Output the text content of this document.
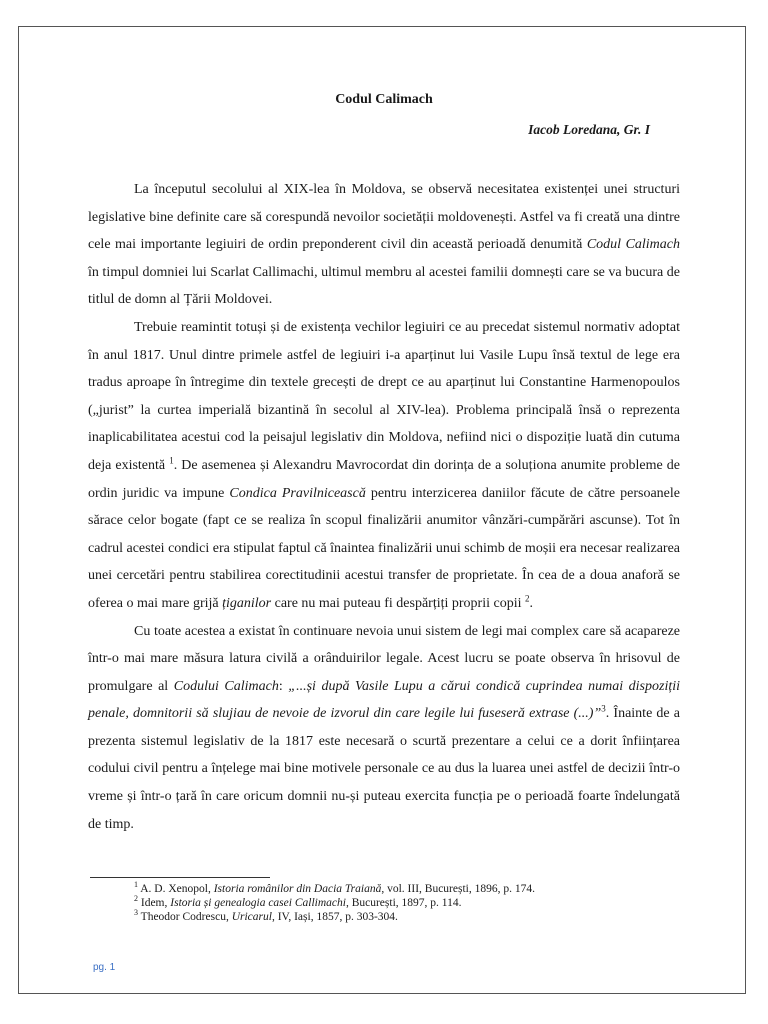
Codul Calimach
Iacob Loredana, Gr. I

La începutul secolului al XIX-lea în Moldova, se observă necesitatea existenței unei structuri legislative bine definite care să corespundă nevoilor societății moldovenești. Astfel va fi creată una dintre cele mai importante legiuiri de ordin preponderent civil din această perioadă denumită Codul Calimach în timpul domniei lui Scarlat Callimachi, ultimul membru al acestei familii domnești care se va bucura de titlul de domn al Țării Moldovei.

Trebuie reamintit totuși și de existența vechilor legiuiri ce au precedat sistemul normativ adoptat în anul 1817. Unul dintre primele astfel de legiuiri i-a aparținut lui Vasile Lupu însă textul de lege era tradus aproape în întregime din textele grecești de drept ce au aparținut lui Constantine Harmenopoulos („jurist” la curtea imperială bizantină în secolul al XIV-lea). Problema principală însă o reprezenta inaplicabilitatea acestui cod la peisajul legislativ din Moldova, nefiind nici o dispoziție luată din cutuma deja existentă $^1$. De asemenea și Alexandru Mavrocordat din dorința de a soluționa anumite probleme de ordin juridic va impune Condica Pravilnicească pentru interzicerea daniilor făcute de către persoanele sărace celor bogate (fapt ce se realiza în scopul finalizării anumitor vânzări-cumpărări ascunse). Tot în cadrul acestei condici era stipulat faptul că înaintea finalizării unui schimb de moșii era necesar realizarea unei cercetări pentru stabilirea corectitudinii acestui transfer de proprietate. În cea de a doua anaforă se oferea o mai mare grijă țiganilor care nu mai puteau fi despărțiți proprii copii $^2$.

Cu toate acestea a existat în continuare nevoia unui sistem de legi mai complex care să acapareze într-o mai mare măsura latura civilă a orânduirilor legale. Acest lucru se poate observa în hrisovul de promulgare al Codului Calimach: „...și după Vasile Lupu a cărui condică cuprindea numai dispoziții penale, domnitorii să slujiau de nevoie de izvorul din care legile lui fuseseră extrase (...)”$^3$. Înainte de a prezenta sistemul legislativ de la 1817 este necesară o scurtă prezentare a celui ce a dorit înființarea codului civil pentru a înțelege mai bine motivele personale ce au dus la luarea unei astfel de decizii într-o vreme și într-o țară în care oricum domnii nu-și puteau exercita funcția pe o perioadă foarte îndelungată de timp.

$^1$ A. D. Xenopol, Istoria românilor din Dacia Traiană, vol. III, București, 1896, p. 174.
$^2$ Idem, Istoria și genealogia casei Callimachi, București, 1897, p. 114.
$^3$ Theodor Codrescu, Uricarul, IV, Iași, 1857, p. 303-304.
pg. 1
